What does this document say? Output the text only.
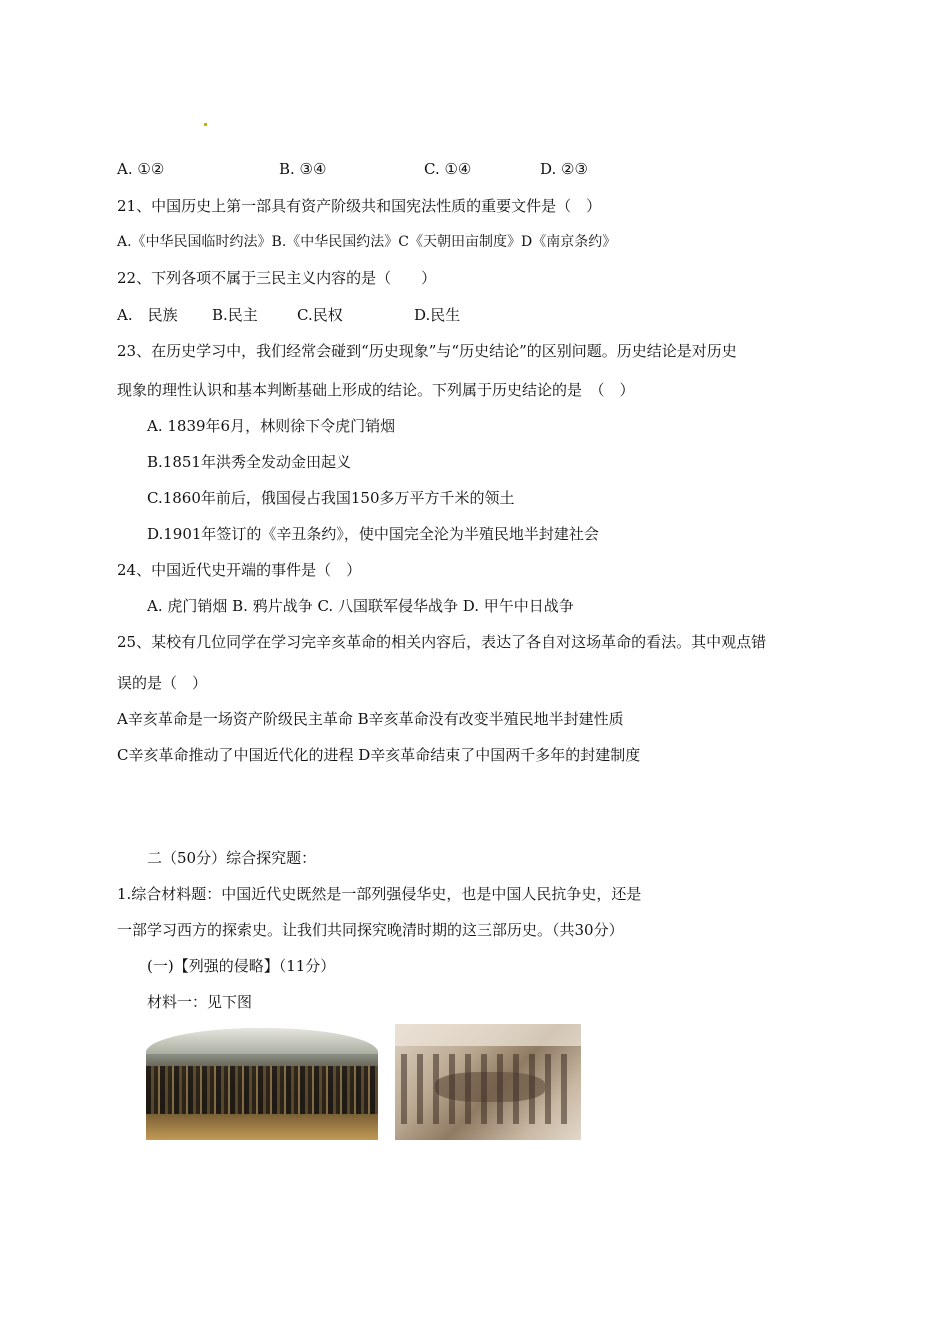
A. ①②	B. ③④	C. ①④	D. ②③
21、中国历史上第一部具有资产阶级共和国宪法性质的重要文件是（　）
A.《中华民国临时约法》B.《中华民国约法》C《天朝田亩制度》D《南京条约》
22、下列各项不属于三民主义内容的是（　　）
A.　民族 B.民主	C.民权	D.民生
23、在历史学习中，我们经常会碰到“历史现象”与“历史结论”的区别问题。历史结论是对历史
现象的理性认识和基本判断基础上形成的结论。下列属于历史结论的是　（　）
A. 1839年6月，林则徐下令虎门销烟
B.1851年洪秀全发动金田起义
C.1860年前后，俄国侵占我国150多万平方千米的领土
D.1901年签订的《辛丑条约》，使中国完全沦为半殖民地半封建社会
24、中国近代史开端的事件是（　）
A. 虎门销烟 B. 鸦片战争 C. 八国联军侵华战争 D. 甲午中日战争
25、某校有几位同学在学习完辛亥革命的相关内容后，表达了各自对这场革命的看法。其中观点错
误的是（　）
A辛亥革命是一场资产阶级民主革命 B辛亥革命没有改变半殖民地半封建性质
C辛亥革命推动了中国近代化的进程 D辛亥革命结束了中国两千多年的封建制度
二（50分）综合探究题：
1.综合材料题：中国近代史既然是一部列强侵华史，也是中国人民抗争史，还是
一部学习西方的探索史。让我们共同探究晚清时期的这三部历史。（共30分）
(一)【列强的侵略】（11分）
材料一：见下图
